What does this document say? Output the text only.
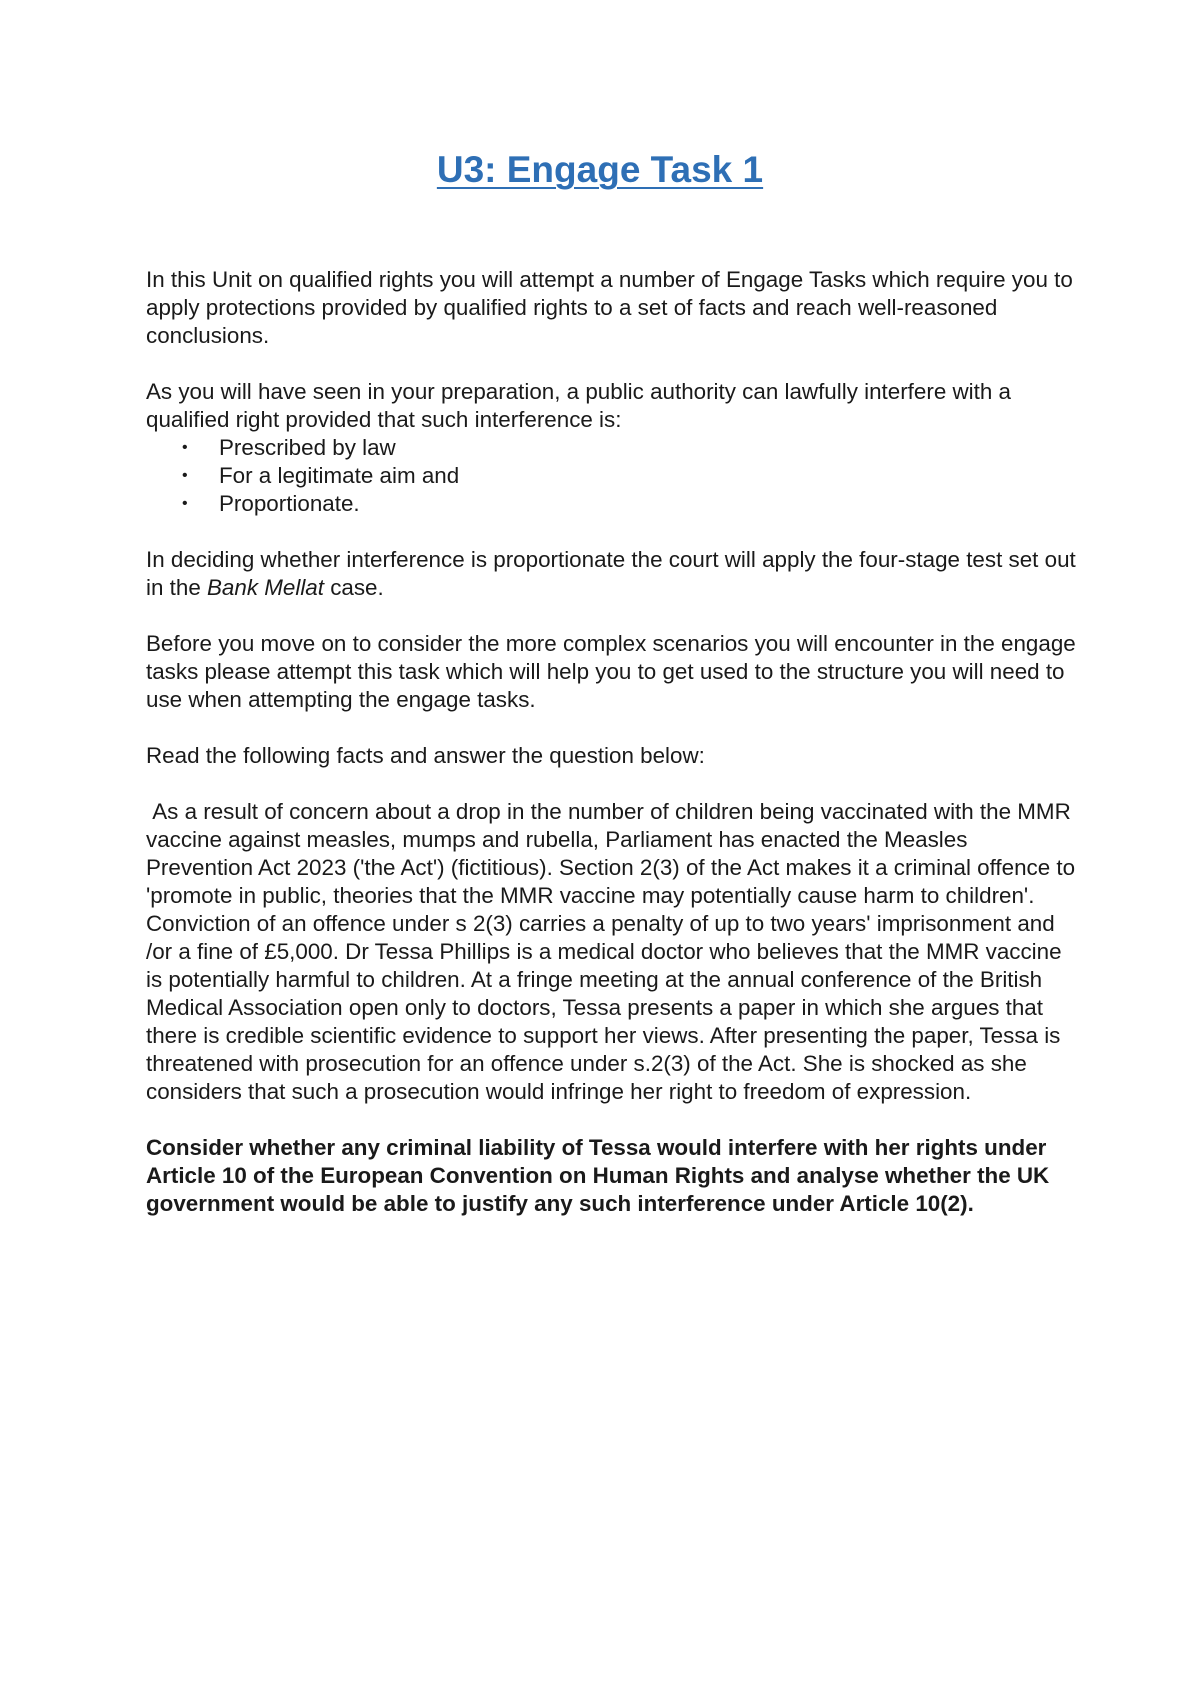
U3: Engage Task 1

In this Unit on qualified rights you will attempt a number of Engage Tasks which require you to apply protections provided by qualified rights to a set of facts and reach well-reasoned conclusions.

As you will have seen in your preparation, a public authority can lawfully interfere with a qualified right provided that such interference is:

• Prescribed by law
• For a legitimate aim and
• Proportionate.

In deciding whether interference is proportionate the court will apply the four-stage test set out in the Bank Mellat case.

Before you move on to consider the more complex scenarios you will encounter in the engage tasks please attempt this task which will help you to get used to the structure you will need to use when attempting the engage tasks.

Read the following facts and answer the question below:

As a result of concern about a drop in the number of children being vaccinated with the MMR vaccine against measles, mumps and rubella, Parliament has enacted the Measles Prevention Act 2023 ('the Act') (fictitious). Section 2(3) of the Act makes it a criminal offence to 'promote in public, theories that the MMR vaccine may potentially cause harm to children'. Conviction of an offence under s 2(3) carries a penalty of up to two years' imprisonment and /or a fine of £5,000. Dr Tessa Phillips is a medical doctor who believes that the MMR vaccine is potentially harmful to children. At a fringe meeting at the annual conference of the British Medical Association open only to doctors, Tessa presents a paper in which she argues that there is credible scientific evidence to support her views. After presenting the paper, Tessa is threatened with prosecution for an offence under s.2(3) of the Act. She is shocked as she considers that such a prosecution would infringe her right to freedom of expression.

Consider whether any criminal liability of Tessa would interfere with her rights under Article 10 of the European Convention on Human Rights and analyse whether the UK government would be able to justify any such interference under Article 10(2).
